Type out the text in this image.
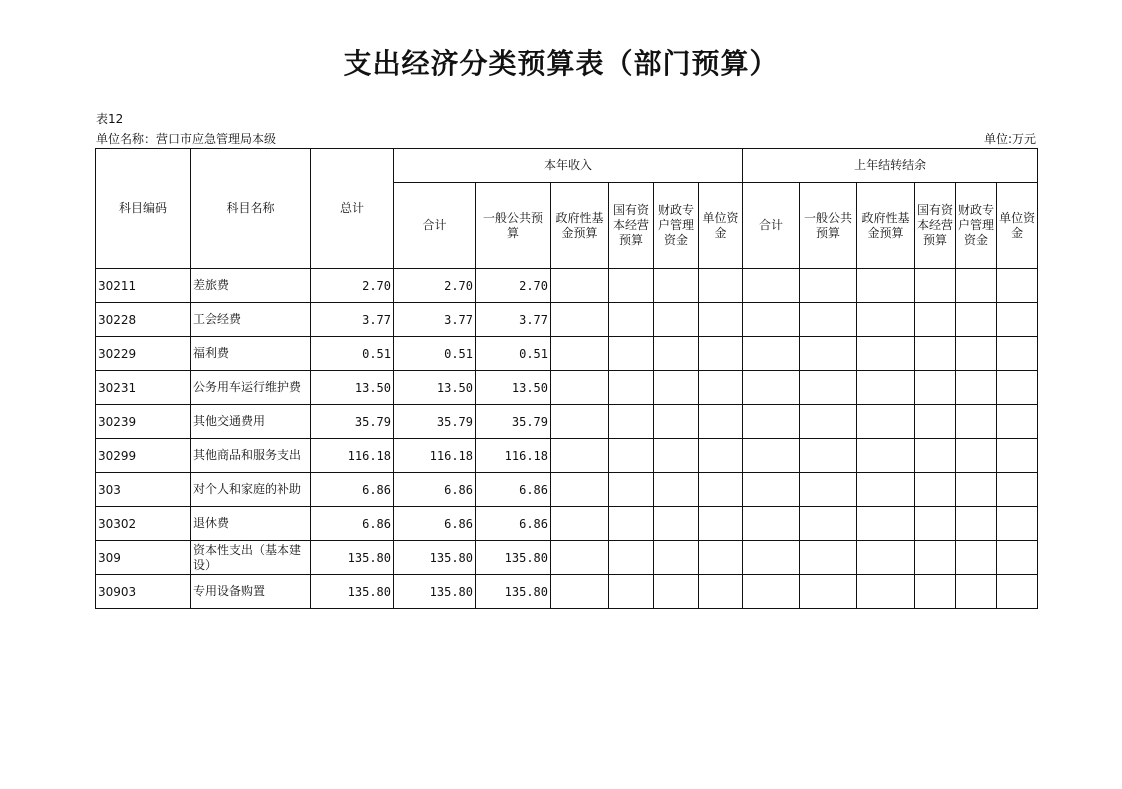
支出经济分类预算表（部门预算）
表12
单位名称：营口市应急管理局本级	单位:万元
科目编码	科目名称	总计	本年收入						上年结转结余					
			合计	一般公共预算	政府性基金预算	国有资本经营预算	财政专户管理资金	单位资金	合计	一般公共预算	政府性基金预算	国有资本经营预算	财政专户管理资金	单位资金
30211	差旅费	2.70	2.70	2.70										
30228	工会经费	3.77	3.77	3.77										
30229	福利费	0.51	0.51	0.51										
30231	公务用车运行维护费	13.50	13.50	13.50										
30239	其他交通费用	35.79	35.79	35.79										
30299	其他商品和服务支出	116.18	116.18	116.18										
303	对个人和家庭的补助	6.86	6.86	6.86										
30302	退休费	6.86	6.86	6.86										
309	资本性支出（基本建设）	135.80	135.80	135.80										
30903	专用设备购置	135.80	135.80	135.80										
